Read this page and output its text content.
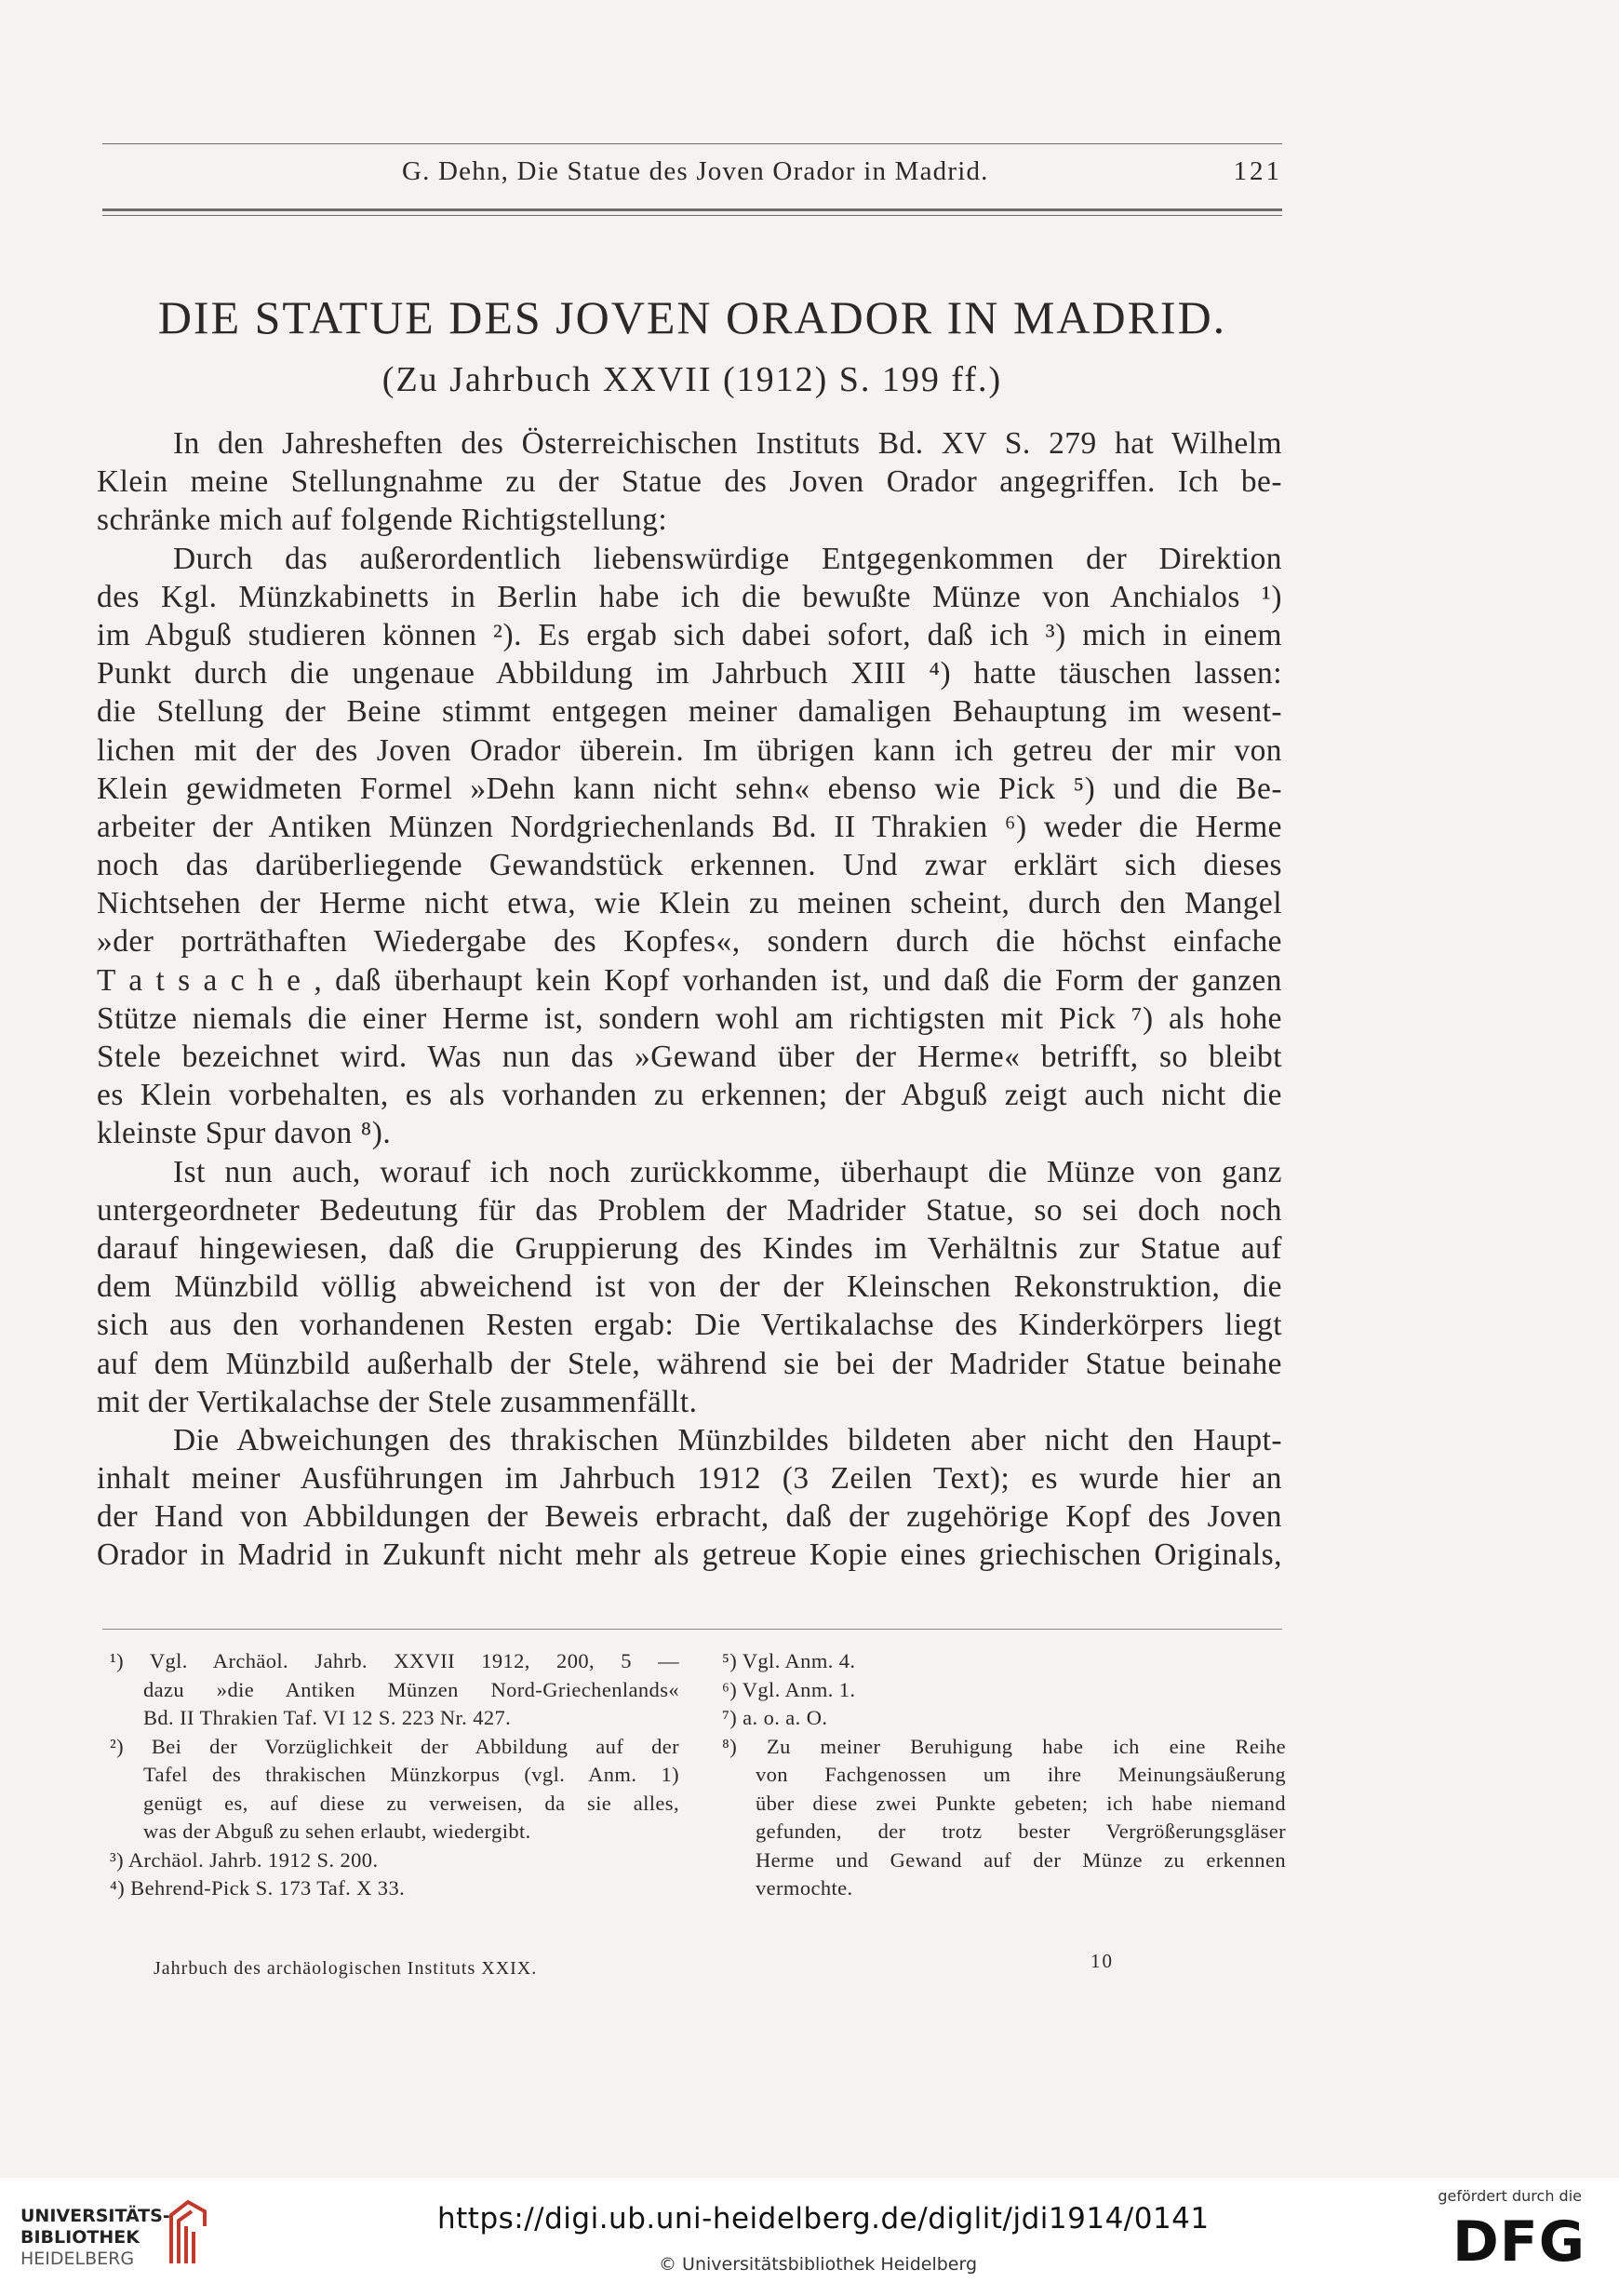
G. Dehn, Die Statue des Joven Orador in Madrid.	121
DIE STATUE DES JOVEN ORADOR IN MADRID.
(Zu Jahrbuch XXVII (1912) S. 199 ff.)
In den Jahresheften des Österreichischen Instituts Bd. XV S. 279 hat Wilhelm
Klein meine Stellungnahme zu der Statue des Joven Orador angegriffen. Ich be-
schränke mich auf folgende Richtigstellung:
Durch das außerordentlich liebenswürdige Entgegenkommen der Direktion
des Kgl. Münzkabinetts in Berlin habe ich die bewußte Münze von Anchialos ¹)
im Abguß studieren können ²). Es ergab sich dabei sofort, daß ich ³) mich in einem
Punkt durch die ungenaue Abbildung im Jahrbuch XIII ⁴) hatte täuschen lassen:
die Stellung der Beine stimmt entgegen meiner damaligen Behauptung im wesent-
lichen mit der des Joven Orador überein. Im übrigen kann ich getreu der mir von
Klein gewidmeten Formel »Dehn kann nicht sehn« ebenso wie Pick ⁵) und die Be-
arbeiter der Antiken Münzen Nordgriechenlands Bd. II Thrakien ⁶) weder die Herme
noch das darüberliegende Gewandstück erkennen. Und zwar erklärt sich dieses
Nichtsehen der Herme nicht etwa, wie Klein zu meinen scheint, durch den Mangel
»der porträthaften Wiedergabe des Kopfes«, sondern durch die höchst einfache
T a t s a c h e , daß überhaupt kein Kopf vorhanden ist, und daß die Form der ganzen
Stütze niemals die einer Herme ist, sondern wohl am richtigsten mit Pick ⁷) als hohe
Stele bezeichnet wird. Was nun das »Gewand über der Herme« betrifft, so bleibt
es Klein vorbehalten, es als vorhanden zu erkennen; der Abguß zeigt auch nicht die
kleinste Spur davon ⁸).
Ist nun auch, worauf ich noch zurückkomme, überhaupt die Münze von ganz
untergeordneter Bedeutung für das Problem der Madrider Statue, so sei doch noch
darauf hingewiesen, daß die Gruppierung des Kindes im Verhältnis zur Statue auf
dem Münzbild völlig abweichend ist von der der Kleinschen Rekonstruktion, die
sich aus den vorhandenen Resten ergab: Die Vertikalachse des Kinderkörpers liegt
auf dem Münzbild außerhalb der Stele, während sie bei der Madrider Statue beinahe
mit der Vertikalachse der Stele zusammenfällt.
Die Abweichungen des thrakischen Münzbildes bildeten aber nicht den Haupt-
inhalt meiner Ausführungen im Jahrbuch 1912 (3 Zeilen Text); es wurde hier an
der Hand von Abbildungen der Beweis erbracht, daß der zugehörige Kopf des Joven
Orador in Madrid in Zukunft nicht mehr als getreue Kopie eines griechischen Originals,
¹) Vgl. Archäol. Jahrb. XXVII 1912, 200, 5 —
dazu »die Antiken Münzen Nord-Griechenlands«
Bd. II Thrakien Taf. VI 12 S. 223 Nr. 427.
²) Bei der Vorzüglichkeit der Abbildung auf der
Tafel des thrakischen Münzkorpus (vgl. Anm. 1)
genügt es, auf diese zu verweisen, da sie alles,
was der Abguß zu sehen erlaubt, wiedergibt.
³) Archäol. Jahrb. 1912 S. 200.
⁴) Behrend-Pick S. 173 Taf. X 33.
⁵) Vgl. Anm. 4.
⁶) Vgl. Anm. 1.
⁷) a. o. a. O.
⁸) Zu meiner Beruhigung habe ich eine Reihe
von Fachgenossen um ihre Meinungsäußerung
über diese zwei Punkte gebeten; ich habe niemand
gefunden, der trotz bester Vergrößerungsgläser
Herme und Gewand auf der Münze zu erkennen
vermochte.
Jahrbuch des archäologischen Instituts XXIX.	10
UNIVERSITÄTS-
BIBLIOTHEK
HEIDELBERG
https://digi.ub.uni-heidelberg.de/diglit/jdi1914/0141
© Universitätsbibliothek Heidelberg
gefördert durch die
DFG
